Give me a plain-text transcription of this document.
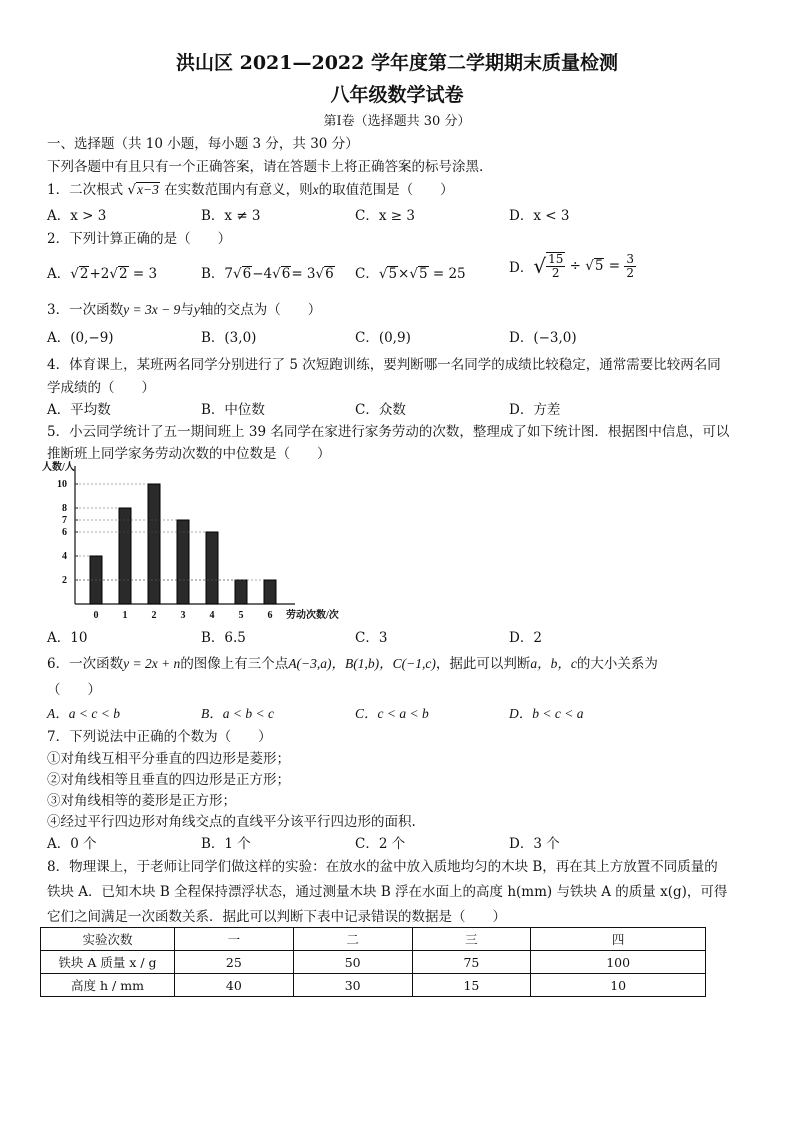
洪山区 2021—2022 学年度第二学期期末质量检测
八年级数学试卷
第Ⅰ卷（选择题共 30 分）
一、选择题（共 10 小题，每小题 3 分，共 30 分）
下列各题中有且只有一个正确答案，请在答题卡上将正确答案的标号涂黑.
1．二次根式 √x−3 在实数范围内有意义，则x的取值范围是（　　）
A．x > 3	B．x ≠ 3	C．x ≥ 3	D．x < 3
2．下列计算正确的是（　　）
A．√2+2√2 = 3	B．7√6−4√6= 3√6 C．√5×√5 = 25	D．√ $\frac{15}{2} \div √5 = \frac{3}{2}$
3．一次函数y = 3x − 9与y轴的交点为（　　）
A．(0,−9)	B．(3,0)	C．(0,9)	D．(−3,0)
4．体育课上，某班两名同学分别进行了 5 次短跑训练，要判断哪一名同学的成绩比较稳定，通常需要比较两名同
学成绩的（　　）
A．平均数	B．中位数	C．众数	D．方差
5．小云同学统计了五一期间班上 39 名同学在家进行家务劳动的次数，整理成了如下统计图．根据图中信息，可以
推断班上同学家务劳动次数的中位数是（　　）
人数/人
2
4
6
7
8
10
0 1 2 3 4 5 6 劳动次数/次
A．10	B．6.5	C．3	D．2
6．一次函数y = 2x + n的图像上有三个点A(−3,a)，B(1,b)，C(−1,c)，据此可以判断a，b，c的大小关系为
（　　）
A．a < c < b	B．a < b < c	C．c < a < b	D．b < c < a
7．下列说法中正确的个数为（　　）
①对角线互相平分垂直的四边形是菱形；
②对角线相等且垂直的四边形是正方形；
③对角线相等的菱形是正方形；
④经过平行四边形对角线交点的直线平分该平行四边形的面积.
A．0 个	B．1 个	C．2 个	D．3 个
8．物理课上，于老师让同学们做这样的实验：在放水的盆中放入质地均匀的木块 B，再在其上方放置不同质量的
铁块 A．已知木块 B 全程保持漂浮状态，通过测量木块 B 浮在水面上的高度 h(mm) 与铁块 A 的质量 x(g)，可得
它们之间满足一次函数关系．据此可以判断下表中记录错误的数据是（　　）
实验次数	一	二	三	四
铁块 A 质量 x / g	25	50	75	100
高度 h / mm	40	30	15	10
